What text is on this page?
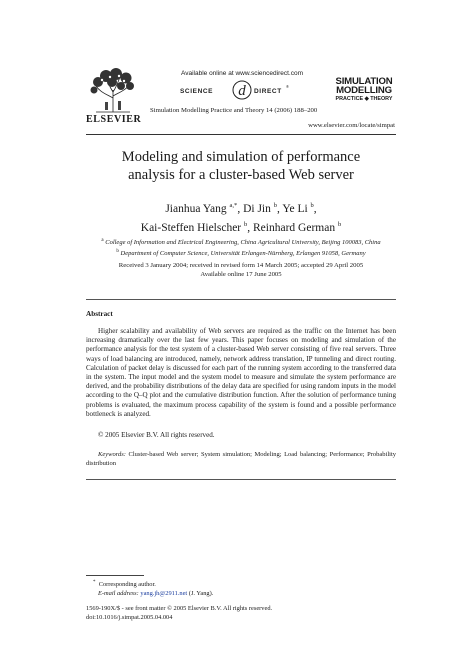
ELSEVIER
Available online at www.sciencedirect.com
SCIENCE d DIRECT
®
Simulation Modelling Practice and Theory 14 (2006) 188–200
SIMULATION
MODELLING
PRACTICE ◆ THEORY
www.elsevier.com/locate/simpat
Modeling and simulation of performance
analysis for a cluster-based Web server
Jianhua Yang $^{a,*}$, Di Jin $^b$, Ye Li $^b$,
Kai-Steffen Hielscher $^b$, Reinhard German $^b$
$^a$ College of Information and Electrical Engineering, China Agricultural University, Beijing 100083, China
$^b$ Department of Computer Science, Universität Erlangen-Nürnberg, Erlangen 91058, Germany
Received 3 January 2004; received in revised form 14 March 2005; accepted 29 April 2005
Available online 17 June 2005
Abstract
Higher scalability and availability of Web servers are required as the traffic on the Internet has been increasing dramatically over the last few years. This paper focuses on modeling and simulation of the performance analysis for the test system of a cluster-based Web server consisting of five real servers. Three ways of load balancing are introduced, namely, network address translation, IP tunneling and direct routing. Calculation of packet delay is discussed for each part of the running system according to the transferred data in the system. The input model and the system model to measure and simulate the system performance are derived, and the probability distributions of the delay data are specified for using random inputs in the model according to the Q–Q plot and the cumulative distribution function. After the solution of performance tuning problems is evaluated, the maximum process capability of the system is found and a possible performance bottleneck is analyzed.
© 2005 Elsevier B.V. All rights reserved.
Keywords: Cluster-based Web server; System simulation; Modeling; Load balancing; Performance; Probability distribution
* Corresponding author.
E-mail address: yang.jh@2911.net (J. Yang).
1569-190X/$ - see front matter © 2005 Elsevier B.V. All rights reserved.
doi:10.1016/j.simpat.2005.04.004
